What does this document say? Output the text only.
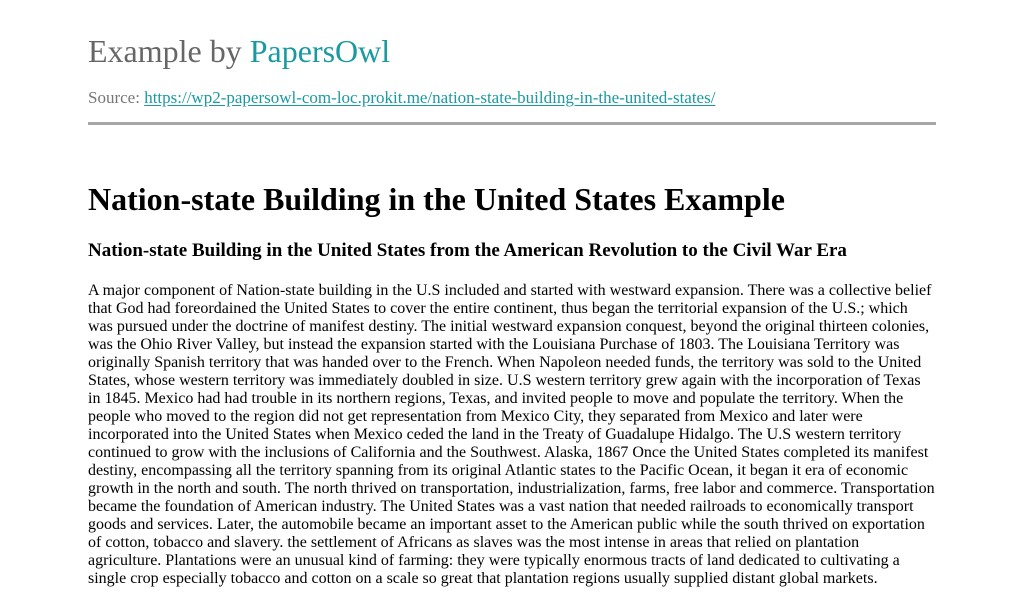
Example by PapersOwl
Source: https://wp2-papersowl-com-loc.prokit.me/nation-state-building-in-the-united-states/
Nation-state Building in the United States Example
Nation-state Building in the United States from the American Revolution to the Civil War Era

A major component of Nation-state building in the U.S included and started with westward expansion. There was a collective belief
that God had foreordained the United States to cover the entire continent, thus began the territorial expansion of the U.S.; which
was pursued under the doctrine of manifest destiny. The initial westward expansion conquest, beyond the original thirteen colonies,
was the Ohio River Valley, but instead the expansion started with the Louisiana Purchase of 1803. The Louisiana Territory was
originally Spanish territory that was handed over to the French. When Napoleon needed funds, the territory was sold to the United
States, whose western territory was immediately doubled in size. U.S western territory grew again with the incorporation of Texas
in 1845. Mexico had had trouble in its northern regions, Texas, and invited people to move and populate the territory. When the
people who moved to the region did not get representation from Mexico City, they separated from Mexico and later were
incorporated into the United States when Mexico ceded the land in the Treaty of Guadalupe Hidalgo. The U.S western territory
continued to grow with the inclusions of California and the Southwest. Alaska, 1867 Once the United States completed its manifest
destiny, encompassing all the territory spanning from its original Atlantic states to the Pacific Ocean, it began it era of economic
growth in the north and south. The north thrived on transportation, industrialization, farms, free labor and commerce. Transportation
became the foundation of American industry. The United States was a vast nation that needed railroads to economically transport
goods and services. Later, the automobile became an important asset to the American public while the south thrived on exportation
of cotton, tobacco and slavery. the settlement of Africans as slaves was the most intense in areas that relied on plantation
agriculture. Plantations were an unusual kind of farming: they were typically enormous tracts of land dedicated to cultivating a
single crop especially tobacco and cotton on a scale so great that plantation regions usually supplied distant global markets.
